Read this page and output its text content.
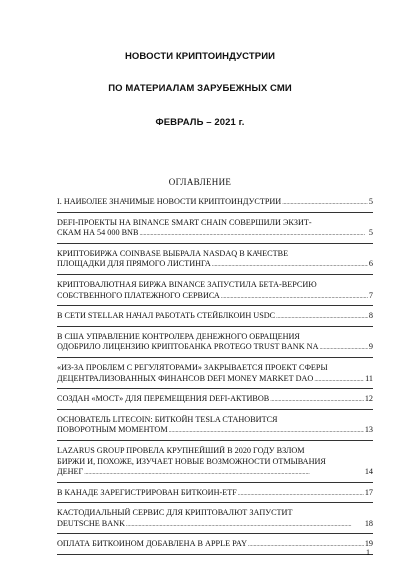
НОВОСТИ КРИПТОИНДУСТРИИ
ПО МАТЕРИАЛАМ ЗАРУБЕЖНЫХ СМИ
ФЕВРАЛЬ – 2021 г.
ОГЛАВЛЕНИЕ
I. НАИБОЛЕЕ ЗНАЧИМЫЕ НОВОСТИ КРИПТОИНДУСТРИИ . . .	5
DEFI-ПРОЕКТЫ НА BINANCE SMART CHAIN СОВЕРШИЛИ ЭКЗИТ-
СКАМ НА 54 000 BNB . . .	5
КРИПТОБИРЖА COINBASE ВЫБРАЛА NASDAQ В КАЧЕСТВЕ
ПЛОЩАДКИ ДЛЯ ПРЯМОГО ЛИСТИНГА . . .	6
КРИПТОВАЛЮТНАЯ БИРЖА BINANCE ЗАПУСТИЛА БЕТА-ВЕРСИЮ
СОБСТВЕННОГО ПЛАТЕЖНОГО СЕРВИСА . . .	7
В СЕТИ STELLAR НАЧАЛ РАБОТАТЬ СТЕЙБЛКОИН USDC . . .	8
В США УПРАВЛЕНИЕ КОНТРОЛЕРА ДЕНЕЖНОГО ОБРАЩЕНИЯ
ОДОБРИЛО ЛИЦЕНЗИЮ КРИПТОБАНКА PROTEGO TRUST BANK NA . . .	9
«ИЗ-ЗА ПРОБЛЕМ С РЕГУЛЯТОРАМИ» ЗАКРЫВАЕТСЯ ПРОЕКТ СФЕРЫ
ДЕЦЕНТРАЛИЗОВАННЫХ ФИНАНСОВ DEFI MONEY MARKET DAO . . .	11
СОЗДАН «МОСТ» ДЛЯ ПЕРЕМЕЩЕНИЯ DEFI-АКТИВОВ . . .	12
ОСНОВАТЕЛЬ LITECOIN: БИТКОЙН TESLA СТАНОВИТСЯ
ПОВОРОТНЫМ МОМЕНТОМ . . .	13
LAZARUS GROUP ПРОВЕЛА КРУПНЕЙШИЙ В 2020 ГОДУ ВЗЛОМ
БИРЖИ И, ПОХОЖЕ, ИЗУЧАЕТ НОВЫЕ ВОЗМОЖНОСТИ ОТМЫВАНИЯ
ДЕНЕГ . . .	14
В КАНАДЕ ЗАРЕГИСТРИРОВАН БИТКОИН-ETF . . .	17
КАСТОДИАЛЬНЫЙ СЕРВИС ДЛЯ КРИПТОВАЛЮТ ЗАПУСТИТ
DEUTSCHE BANK . . .	18
ОПЛАТА БИТКОИНОМ ДОБАВЛЕНА В APPLE PAY . . .	19
1
